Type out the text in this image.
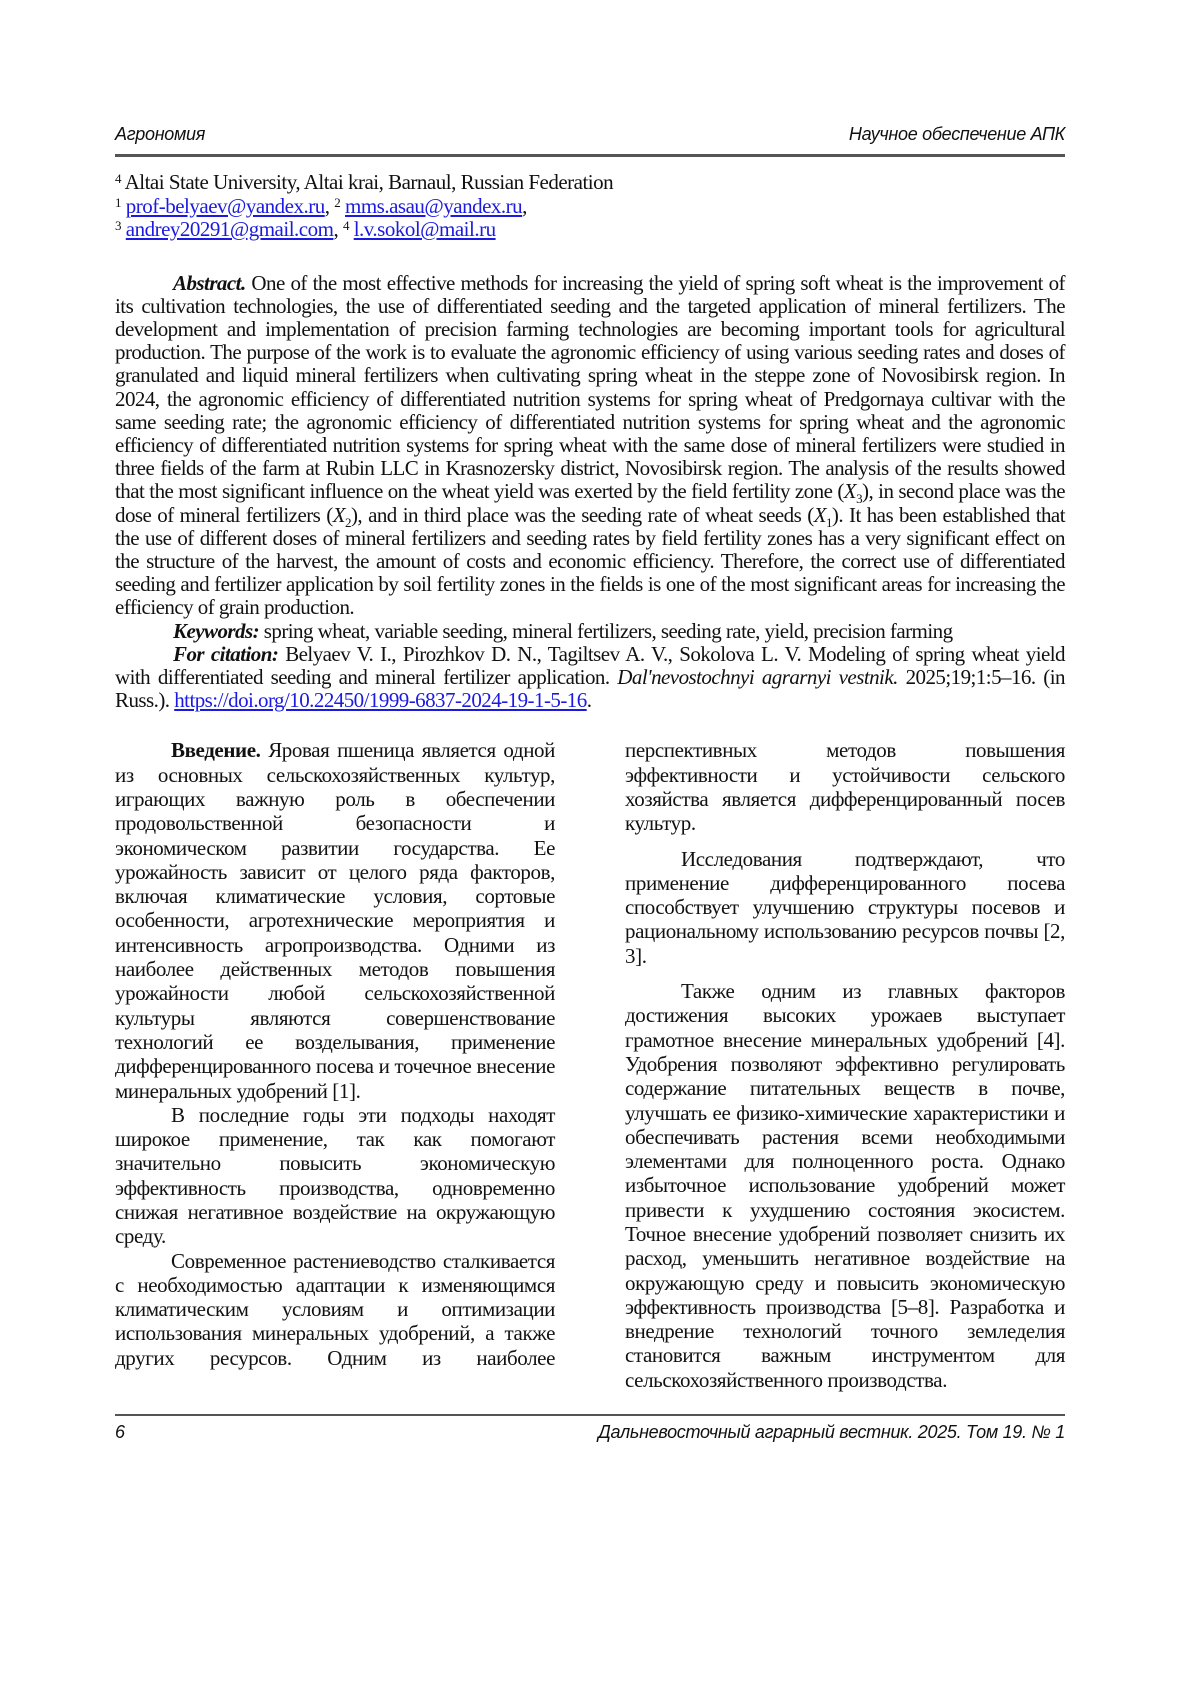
Агрономия	Научное обеспечение АПК
$^4$ Altai State University, Altai krai, Barnaul, Russian Federation
$^1$ prof-belyaev@yandex.ru, $^2$ mms.asau@yandex.ru,
$^3$ andrey20291@gmail.com, $^4$ l.v.sokol@mail.ru

Abstract. One of the most effective methods for increasing the yield of spring soft wheat is the improvement of its cultivation technologies, the use of differentiated seeding and the targeted application of mineral fertilizers. The development and implementation of precision farming technologies are becoming important tools for agricultural production. The purpose of the work is to evaluate the agronomic efficiency of using various seeding rates and doses of granulated and liquid mineral fertilizers when cultivating spring wheat in the steppe zone of Novosibirsk region. In 2024, the agronomic efficiency of differentiated nutrition systems for spring wheat of Predgornaya cultivar with the same seeding rate; the agronomic efficiency of differentiated nutrition systems for spring wheat and the agronomic efficiency of differentiated nutrition systems for spring wheat with the same dose of mineral fertilizers were studied in three fields of the farm at Rubin LLC in Krasnozersky district, Novosibirsk region. The analysis of the results showed that the most significant influence on the wheat yield was exerted by the field fertility zone $(X_3)$, in second place was the dose of mineral fertilizers $(X_2)$, and in third place was the seeding rate of wheat seeds $(X_1)$. It has been established that the use of different doses of mineral fertilizers and seeding rates by field fertility zones has a very significant effect on the structure of the harvest, the amount of costs and economic efficiency. Therefore, the correct use of differentiated seeding and fertilizer application by soil fertility zones in the fields is one of the most significant areas for increasing the efficiency of grain production.

Keywords: spring wheat, variable seeding, mineral fertilizers, seeding rate, yield, precision farming

For citation: Belyaev V. I., Pirozhkov D. N., Tagiltsev A. V., Sokolova L. V. Modeling of spring wheat yield with differentiated seeding and mineral fertilizer application. Dal'nevostochnyi agrarnyi vestnik. 2025;19;1:5–16. (in Russ.). https://doi.org/10.22450/1999-6837-2024-19-1-5-16.

Введение. Яровая пшеница является одной из основных сельскохозяйственных культур, играющих важную роль в обеспечении продовольственной безопасности и экономическом развитии государства. Ее урожайность зависит от целого ряда факторов, включая климатические условия, сортовые особенности, агротехнические мероприятия и интенсивность агропроизводства. Одними из наиболее действенных методов повышения урожайности любой сельскохозяйственной культуры являются совершенствование технологий ее возделывания, применение дифференцированного посева и точечное внесение минеральных удобрений [1].

В последние годы эти подходы находят широкое применение, так как помогают значительно повысить экономическую эффективность производства, одновременно снижая негативное воздействие на окружающую среду.

Современное растениеводство сталкивается с необходимостью адаптации к изменяющимся климатическим условиям и оптимизации использования минеральных удобрений, а также других ресурсов. Одним из наиболее перспективных методов повышения эффективности и устойчивости сельского хозяйства является дифференцированный посев культур.

Исследования подтверждают, что применение дифференцированного посева способствует улучшению структуры посевов и рациональному использованию ресурсов почвы [2, 3].

Также одним из главных факторов достижения высоких урожаев выступает грамотное внесение минеральных удобрений [4]. Удобрения позволяют эффективно регулировать содержание питательных веществ в почве, улучшать ее физико-химические характеристики и обеспечивать растения всеми необходимыми элементами для полноценного роста. Однако избыточное использование удобрений может привести к ухудшению состояния экосистем. Точное внесение удобрений позволяет снизить их расход, уменьшить негативное воздействие на окружающую среду и повысить экономическую эффективность производства [5–8]. Разработка и внедрение технологий точного земледелия становится важным инструментом для сельскохозяйственного производства.

6	Дальневосточный аграрный вестник. 2025. Том 19. № 1
